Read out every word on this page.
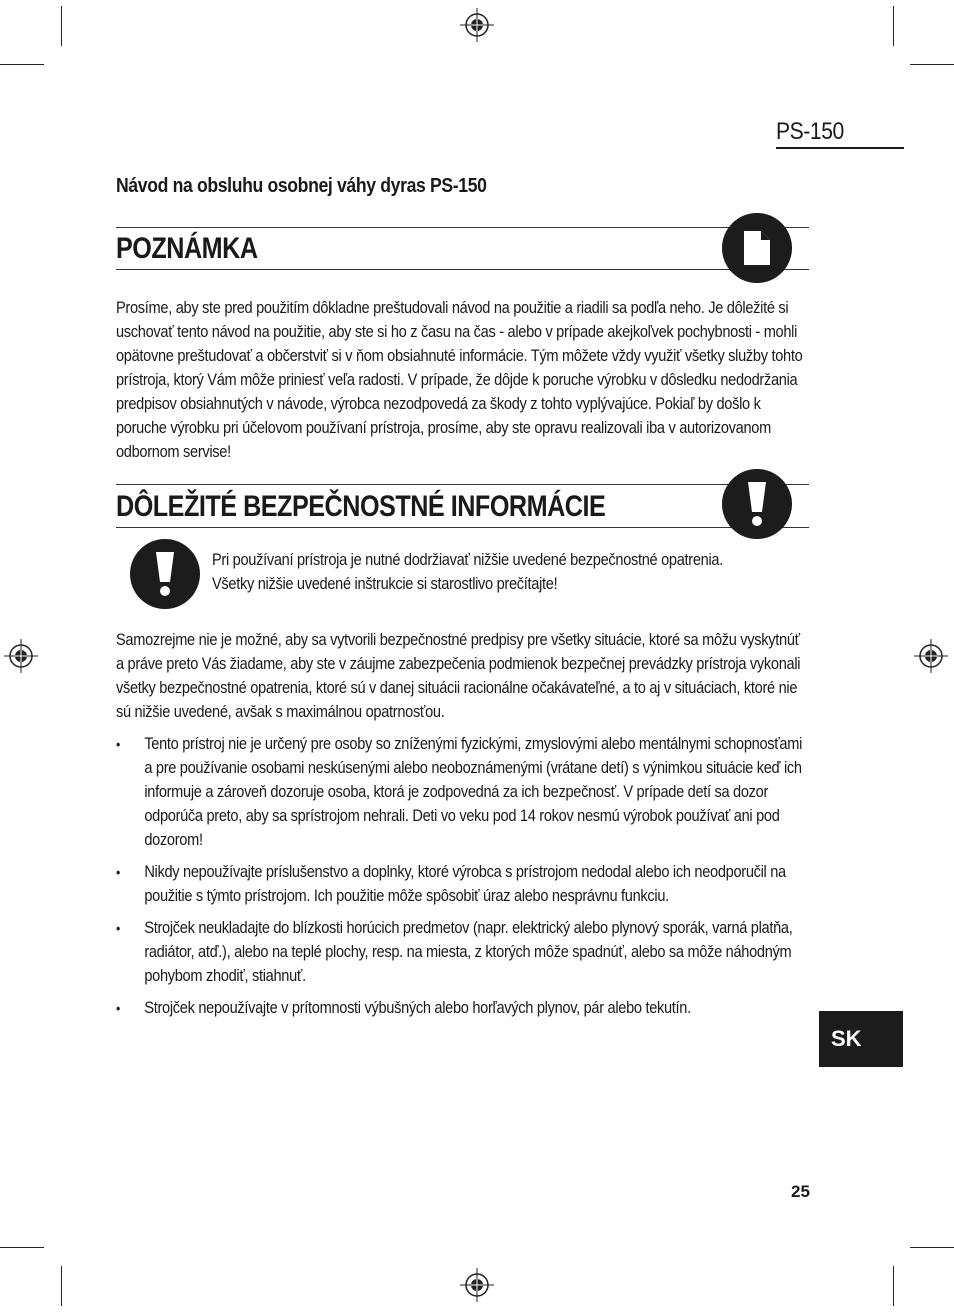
PS-150
Návod na obsluhu osobnej váhy dyras PS-150
POZNÁMKA

Prosíme, aby ste pred použitím dôkladne preštudovali návod na použitie a riadili sa podľa neho. Je dôležité si uschovať tento návod na použitie, aby ste si ho z času na čas - alebo v prípade akejkoľvek pochybnosti - mohli opätovne preštudovať a občerstviť si v ňom obsiahnuté informácie. Tým môžete vždy využiť všetky služby tohto prístroja, ktorý Vám môže priniesť veľa radosti. V prípade, že dôjde k poruche výrobku v dôsledku nedodržania predpisov obsiahnutých v návode, výrobca nezodpovedá za škody z tohto vyplývajúce. Pokiaľ by došlo k poruche výrobku pri účelovom používaní prístroja, prosíme, aby ste opravu realizovali iba v autorizovanom odbornom servise!

DÔLEŽITÉ BEZPEČNOSTNÉ INFORMÁCIE

Pri používaní prístroja je nutné dodržiavať nižšie uvedené bezpečnostné opatrenia.

Všetky nižšie uvedené inštrukcie si starostlivo prečítajte!

Samozrejme nie je možné, aby sa vytvorili bezpečnostné predpisy pre všetky situácie, ktoré sa môžu vyskytnúť a práve preto Vás žiadame, aby ste v záujme zabezpečenia podmienok bezpečnej prevádzky prístroja vykonali všetky bezpečnostné opatrenia, ktoré sú v danej situácii racionálne očakávateľné, a to aj v situáciach, ktoré nie sú nižšie uvedené, avšak s maximálnou opatrnosťou.

• Tento prístroj nie je určený pre osoby so zníženými fyzickými, zmyslovými alebo mentálnymi schopnosťami a pre používanie osobami neskúsenými alebo neoboznámenými (vrátane detí) s výnimkou situácie keď ich informuje a zároveň dozoruje osoba, ktorá je zodpovedná za ich bezpečnosť. V prípade detí sa dozor odporúča preto, aby sa sprístrojom nehrali. Deti vo veku pod 14 rokov nesmú výrobok používať ani pod dozorom!
• Nikdy nepoužívajte príslušenstvo a doplnky, ktoré výrobca s prístrojom nedodal alebo ich neodporučil na použitie s týmto prístrojom. Ich použitie môže spôsobiť úraz alebo nesprávnu funkciu.
• Strojček neukladajte do blízkosti horúcich predmetov (napr. elektrický alebo plynový sporák, varná platňa, radiátor, atď.), alebo na teplé plochy, resp. na miesta, z ktorých môže spadnúť, alebo sa môže náhodným pohybom zhodiť, stiahnuť.
• Strojček nepoužívajte v prítomnosti výbušných alebo horľavých plynov, pár alebo tekutín.
SK
25
